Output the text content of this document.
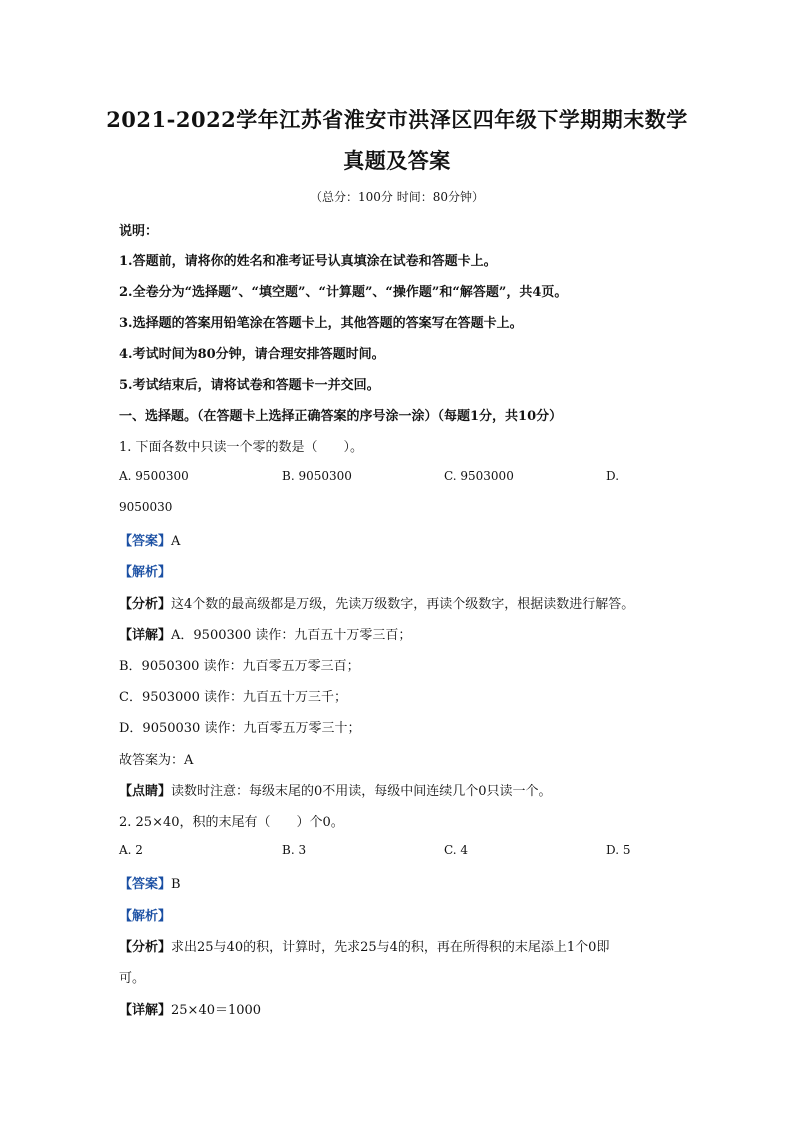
2021-2022学年江苏省淮安市洪泽区四年级下学期期末数学
真题及答案
（总分：100分 时间：80分钟）
说明：
1.答题前，请将你的姓名和准考证号认真填涂在试卷和答题卡上。
2.全卷分为“选择题”、“填空题”、“计算题”、“操作题”和“解答题”，共4页。
3.选择题的答案用铅笔涂在答题卡上，其他答题的答案写在答题卡上。
4.考试时间为80分钟，请合理安排答题时间。
5.考试结束后，请将试卷和答题卡一并交回。
一、选择题。（在答题卡上选择正确答案的序号涂一涂）（每题1分，共10分）
1. 下面各数中只读一个零的数是（　　）。
A. 9500300	B. 9050300	C. 9503000	D.
9050030
【答案】A
【解析】
【分析】这4个数的最高级都是万级，先读万级数字，再读个级数字，根据读数进行解答。
【详解】A．9500300 读作：九百五十万零三百；
B．9050300 读作：九百零五万零三百；
C．9503000 读作：九百五十万三千；
D．9050030 读作：九百零五万零三十；
故答案为：A
【点睛】读数时注意：每级末尾的0不用读，每级中间连续几个0只读一个。
2. 25×40，积的末尾有（　　）个0。
A. 2	B. 3	C. 4	D. 5
【答案】B
【解析】
【分析】求出25与40的积，计算时，先求25与4的积，再在所得积的末尾添上1个0即
可。
【详解】25×40＝1000
